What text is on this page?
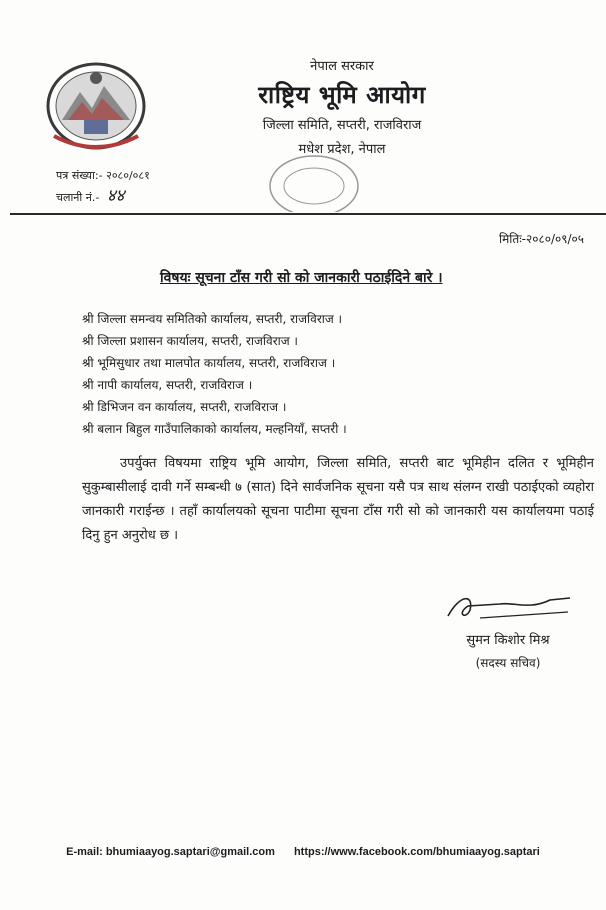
नेपाल सरकार
राष्ट्रिय भूमि आयोग
जिल्ला समिति, सप्तरी, राजविराज
मधेश प्रदेश, नेपाल
पत्र संख्या:- २०८०/०८१
चलानी नं.- ४४
मितिः-२०८०/०९/०५
विषयः सूचना टाँस गरी सो को जानकारी पठाईदिने बारे ।
श्री जिल्ला समन्वय समितिको कार्यालय, सप्तरी, राजविराज ।
श्री जिल्ला प्रशासन कार्यालय, सप्तरी, राजविराज ।
श्री भूमिसुधार तथा मालपोत कार्यालय, सप्तरी, राजविराज ।
श्री नापी कार्यालय, सप्तरी, राजविराज ।
श्री डिभिजन वन कार्यालय, सप्तरी, राजविराज ।
श्री बलान बिहुल गाउँपालिकाको कार्यालय, मल्हनियाँ, सप्तरी ।
उपर्युक्त विषयमा राष्ट्रिय भूमि आयोग, जिल्ला समिति, सप्तरी बाट भूमिहीन दलित र भूमिहीन सुकुम्बासीलाई दावी गर्ने सम्बन्धी ७ (सात) दिने सार्वजनिक सूचना यसै पत्र साथ संलग्न राखी पठाईएको व्यहोरा जानकारी गराईन्छ । तहाँ कार्यालयको सूचना पाटीमा सूचना टाँस गरी सो को जानकारी यस कार्यालयमा पठाई दिनु हुन अनुरोध छ ।
सुमन किशोर मिश्र
(सदस्य सचिव)
E-mail: bhumiaayog.saptari@gmail.com https://www.facebook.com/bhumiaayog.saptari
